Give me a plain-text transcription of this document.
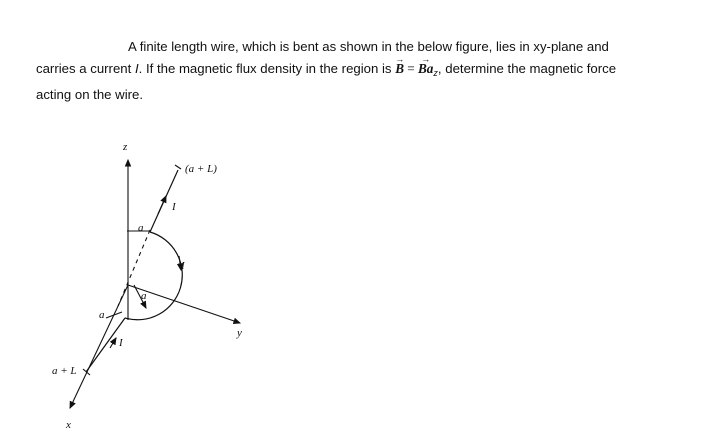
A finite length wire, which is bent as shown in the below figure, lies in xy-plane and

carries a current I. If the magnetic flux density in the region is → B = → $Ba_z$, determine the magnetic force

acting on the wire.

z
y
x
I
I
a
I
(a + L)
a
a
a + L
